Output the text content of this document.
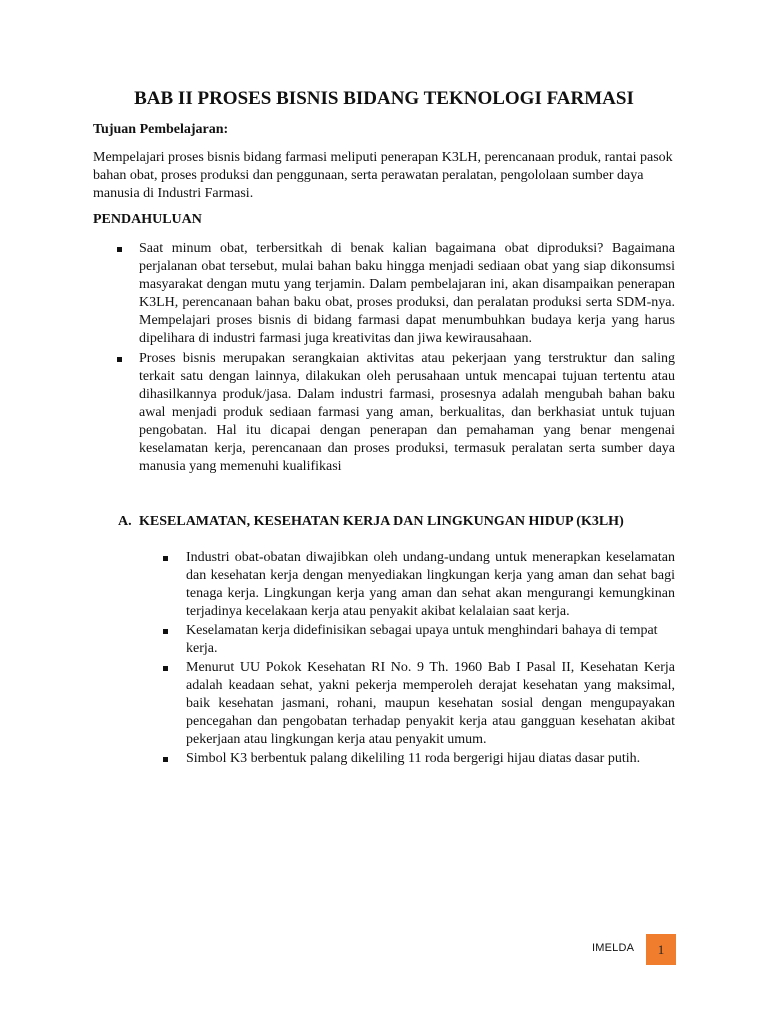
BAB II PROSES BISNIS BIDANG TEKNOLOGI FARMASI

Tujuan Pembelajaran:

Mempelajari proses bisnis bidang farmasi meliputi penerapan K3LH, perencanaan produk, rantai pasok bahan obat, proses produksi dan penggunaan, serta perawatan peralatan, pengololaan sumber daya manusia di Industri Farmasi.

PENDAHULUAN

Saat minum obat, terbersitkah di benak kalian bagaimana obat diproduksi? Bagaimana perjalanan obat tersebut, mulai bahan baku hingga menjadi sediaan obat yang siap dikonsumsi masyarakat dengan mutu yang terjamin. Dalam pembelajaran ini, akan disampaikan penerapan K3LH, perencanaan bahan baku obat, proses produksi, dan peralatan produksi serta SDM-nya. Mempelajari proses bisnis di bidang farmasi dapat menumbuhkan budaya kerja yang harus dipelihara di industri farmasi juga kreativitas dan jiwa kewirausahaan.
Proses bisnis merupakan serangkaian aktivitas atau pekerjaan yang terstruktur dan saling terkait satu dengan lainnya, dilakukan oleh perusahaan untuk mencapai tujuan tertentu atau dihasilkannya produk/jasa. Dalam industri farmasi, prosesnya adalah mengubah bahan baku awal menjadi produk sediaan farmasi yang aman, berkualitas, dan berkhasiat untuk tujuan pengobatan. Hal itu dicapai dengan penerapan dan pemahaman yang benar mengenai keselamatan kerja, perencanaan dan proses produksi, termasuk peralatan serta sumber daya manusia yang memenuhi kualifikasi

A. KESELAMATAN, KESEHATAN KERJA DAN LINGKUNGAN HIDUP (K3LH)

Industri obat-obatan diwajibkan oleh undang-undang untuk menerapkan keselamatan dan kesehatan kerja dengan menyediakan lingkungan kerja yang aman dan sehat bagi tenaga kerja. Lingkungan kerja yang aman dan sehat akan mengurangi kemungkinan terjadinya kecelakaan kerja atau penyakit akibat kelalaian saat kerja.
Keselamatan kerja didefinisikan sebagai upaya untuk menghindari bahaya di tempat kerja.
Menurut UU Pokok Kesehatan RI No. 9 Th. 1960 Bab I Pasal II, Kesehatan Kerja adalah keadaan sehat, yakni pekerja memperoleh derajat kesehatan yang maksimal, baik kesehatan jasmani, rohani, maupun kesehatan sosial dengan mengupayakan pencegahan dan pengobatan terhadap penyakit kerja atau gangguan kesehatan akibat pekerjaan atau lingkungan kerja atau penyakit umum.
Simbol K3 berbentuk palang dikeliling 11 roda bergerigi hijau diatas dasar putih.
IMELDA 1
